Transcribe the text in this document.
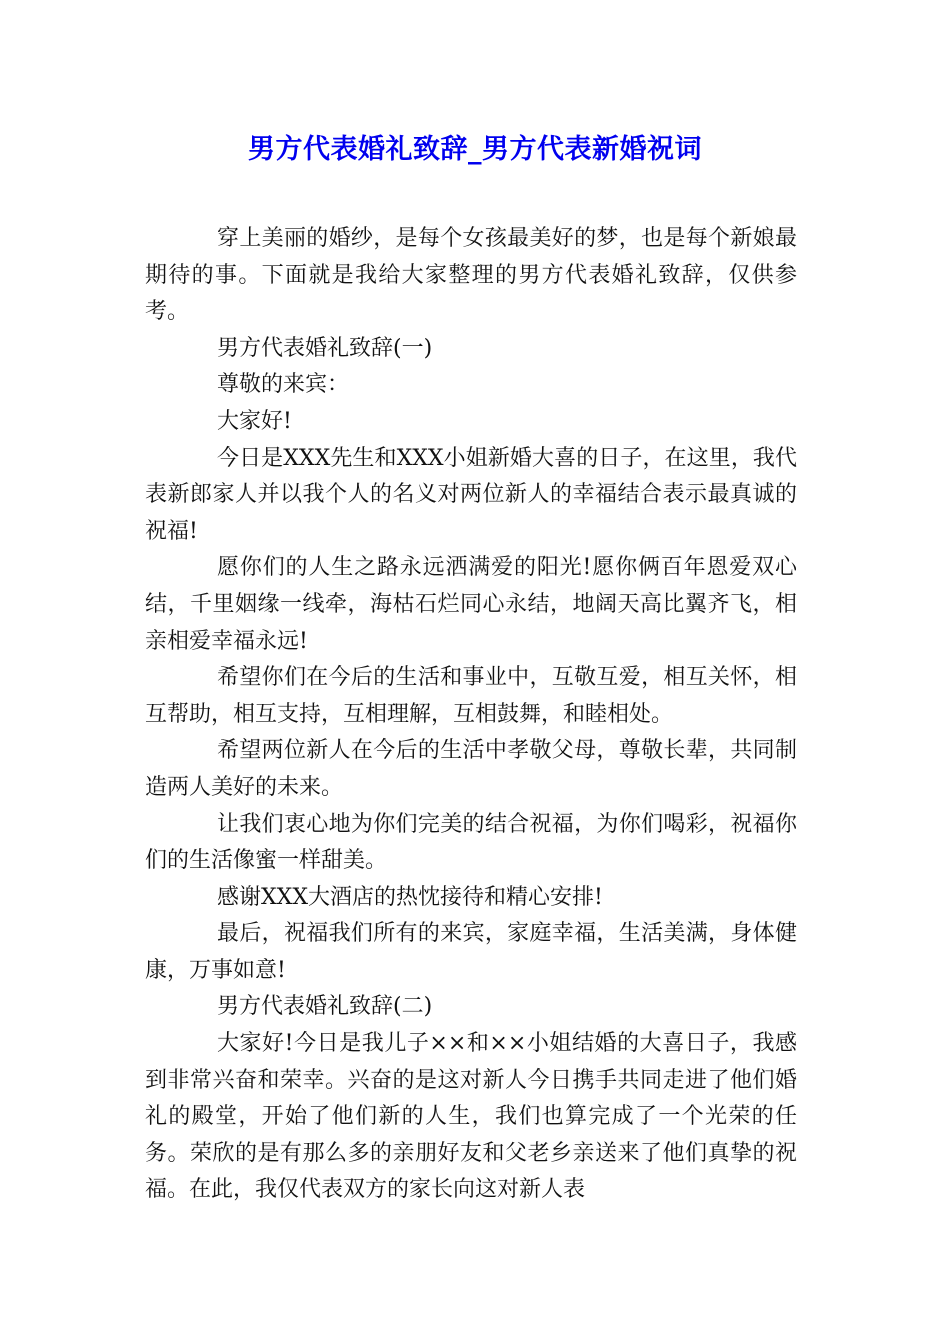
男方代表婚礼致辞_男方代表新婚祝词

穿上美丽的婚纱，是每个女孩最美好的梦，也是每个新娘最期待的事。下面就是我给大家整理的男方代表婚礼致辞，仅供参考。

男方代表婚礼致辞(一)

尊敬的来宾：

大家好!

今日是XXX先生和XXX小姐新婚大喜的日子，在这里，我代表新郎家人并以我个人的名义对两位新人的幸福结合表示最真诚的祝福!

愿你们的人生之路永远洒满爱的阳光!愿你俩百年恩爱双心结，千里姻缘一线牵，海枯石烂同心永结，地阔天高比翼齐飞，相亲相爱幸福永远!

希望你们在今后的生活和事业中，互敬互爱，相互关怀，相互帮助，相互支持，互相理解，互相鼓舞，和睦相处。

希望两位新人在今后的生活中孝敬父母，尊敬长辈，共同制造两人美好的未来。

让我们衷心地为你们完美的结合祝福，为你们喝彩，祝福你们的生活像蜜一样甜美。

感谢XXX大酒店的热忱接待和精心安排!

最后，祝福我们所有的来宾，家庭幸福，生活美满，身体健康，万事如意!

男方代表婚礼致辞(二)

大家好!今日是我儿子××和××小姐结婚的大喜日子，我感到非常兴奋和荣幸。兴奋的是这对新人今日携手共同走进了他们婚礼的殿堂，开始了他们新的人生，我们也算完成了一个光荣的任务。荣欣的是有那么多的亲朋好友和父老乡亲送来了他们真挚的祝福。在此，我仅代表双方的家长向这对新人表
